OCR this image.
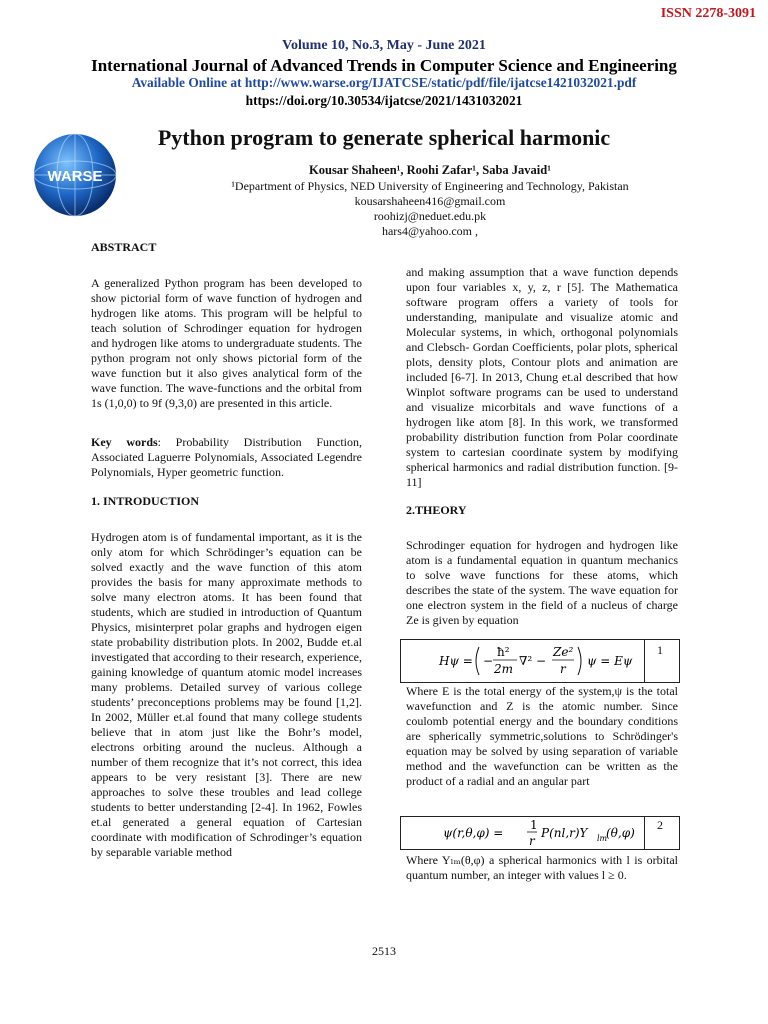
ISSN 2278-3091
Volume 10, No.3, May - June 2021
International Journal of Advanced Trends in Computer Science and Engineering
Available Online at http://www.warse.org/IJATCSE/static/pdf/file/ijatcse1421032021.pdf
https://doi.org/10.30534/ijatcse/2021/1431032021
WARSE
Python program to generate spherical harmonic
Kousar Shaheen¹, Roohi Zafar¹, Saba Javaid¹
¹Department of Physics, NED University of Engineering and Technology, Pakistan
kousarshaheen416@gmail.com
roohizj@neduet.edu.pk
hars4@yahoo.com ,
ABSTRACT
A generalized Python program has been developed to show pictorial form of wave function of hydrogen and hydrogen like atoms. This program will be helpful to teach solution of Schrodinger equation for hydrogen and hydrogen like atoms to undergraduate students. The python program not only shows pictorial form of the wave function but it also gives analytical form of the wave function. The wave-functions and the orbital from 1s (1,0,0) to 9f (9,3,0) are presented in this article.
Key words: Probability Distribution Function, Associated Laguerre Polynomials, Associated Legendre Polynomials, Hyper geometric function.
1. INTRODUCTION
Hydrogen atom is of fundamental important, as it is the only atom for which Schrödinger’s equation can be solved exactly and the wave function of this atom provides the basis for many approximate methods to solve many electron atoms. It has been found that students, which are studied in introduction of Quantum Physics, misinterpret polar graphs and hydrogen eigen state probability distribution plots. In 2002, Budde et.al investigated that according to their research, experience, gaining knowledge of quantum atomic model increases many problems. Detailed survey of various college students’ preconceptions problems may be found [1,2]. In 2002, Müller et.al found that many college students believe that in atom just like the Bohr’s model, electrons orbiting around the nucleus. Although a number of them recognize that it’s not correct, this idea appears to be very resistant [3]. There are new approaches to solve these troubles and lead college students to better understanding [2-4]. In 1962, Fowles et.al generated a general equation of Cartesian coordinate with modification of Schrodinger’s equation by separable variable method
and making assumption that a wave function depends upon four variables x, y, z, r [5]. The Mathematica software program offers a variety of tools for understanding, manipulate and visualize atomic and Molecular systems, in which, orthogonal polynomials and Clebsch- Gordan Coefficients, polar plots, spherical plots, density plots, Contour plots and animation are included [6-7]. In 2013, Chung et.al described that how Winplot software programs can be used to understand and visualize micorbitals and wave functions of a hydrogen like atom [8]. In this work, we transformed probability distribution function from Polar coordinate system to cartesian coordinate system by modifying spherical harmonics and radial distribution function. [9-11]
2.THEORY
Schrodinger equation for hydrogen and hydrogen like atom is a fundamental equation in quantum mechanics to solve wave functions for these atoms, which describes the state of the system. The wave equation for one electron system in the field of a nucleus of charge Ze is given by equation
Hψ = −
ħ²
2m
∇² −
Ze²
r
ψ = Eψ
1
Where E is the total energy of the system,ψ is the total wavefunction and Z is the atomic number. Since coulomb potential energy and the boundary conditions are spherically symmetric,solutions to Schrödinger's equation may be solved by using separation of variable method and the wavefunction can be written as the product of a radial and an angular part
ψ(r,θ,φ) =
1
r
P(nl,r)Y lm
(θ,φ)
2
Where Yₗₘ(θ,φ) a spherical harmonics with l is orbital quantum number, an integer with values l ≥ 0.
2513
